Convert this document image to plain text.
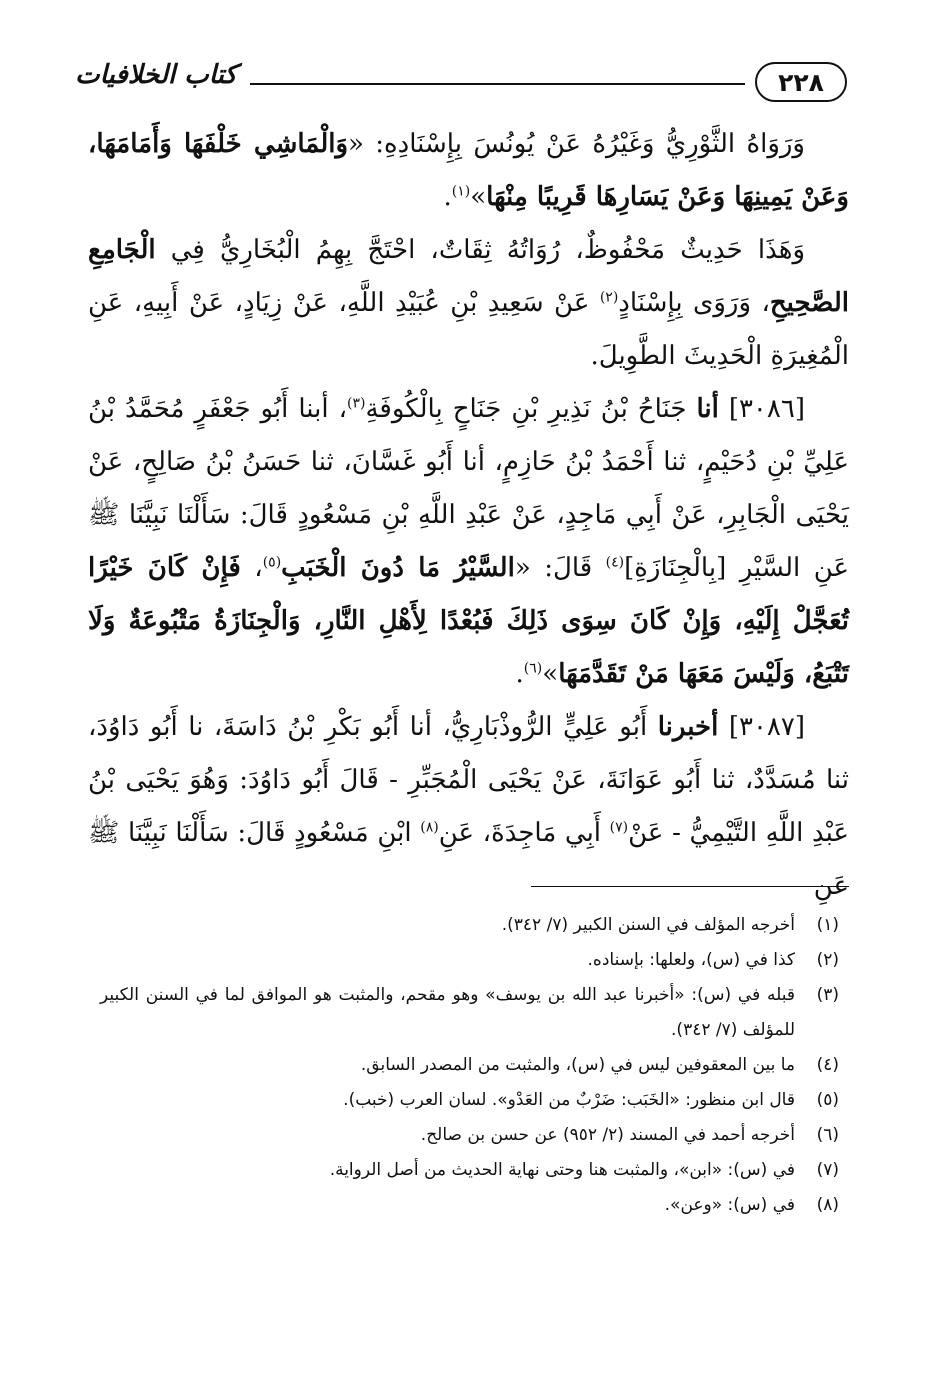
٢٢٨
كتاب الخلافيات

وَرَوَاهُ الثَّوْرِيُّ وَغَيْرُهُ عَنْ يُونُسَ بِإِسْنَادِهِ: «وَالْمَاشِي خَلْفَهَا وَأَمَامَهَا، وَعَنْ يَمِينِهَا وَعَنْ يَسَارِهَا قَرِيبًا مِنْهَا»$^{(١)}$.

وَهَذَا حَدِيثٌ مَحْفُوظٌ، رُوَاتُهُ ثِقَاتٌ، احْتَجَّ بِهِمُ الْبُخَارِيُّ فِي الْجَامِعِ الصَّحِيحِ، وَرَوَى بِإِسْنَادٍ$^{(٢)}$ عَنْ سَعِيدِ بْنِ عُبَيْدِ اللَّهِ، عَنْ زِيَادٍ، عَنْ أَبِيهِ، عَنِ الْمُغِيرَةِ الْحَدِيثَ الطَّوِيلَ.

[٣٠٨٦] أنا جَنَاحُ بْنُ نَذِيرِ بْنِ جَنَاحٍ بِالْكُوفَةِ$^{(٣)}$، أبنا أَبُو جَعْفَرٍ مُحَمَّدُ بْنُ عَلِيِّ بْنِ دُحَيْمٍ، ثنا أَحْمَدُ بْنُ حَازِمٍ، أنا أَبُو غَسَّانَ، ثنا حَسَنُ بْنُ صَالِحٍ، عَنْ يَحْيَى الْجَابِرِ، عَنْ أَبِي مَاجِدٍ، عَنْ عَبْدِ اللَّهِ بْنِ مَسْعُودٍ قَالَ: سَأَلْنَا نَبِيَّنَا ﷺ عَنِ السَّيْرِ [بِالْجِنَازَةِ]$^{(٤)}$ قَالَ: «السَّيْرُ مَا دُونَ الْخَبَبِ$^{(٥)}$، فَإِنْ كَانَ خَيْرًا تُعَجَّلْ إِلَيْهِ، وَإِنْ كَانَ سِوَى ذَلِكَ فَبُعْدًا لِأَهْلِ النَّارِ، وَالْجِنَازَةُ مَتْبُوعَةٌ وَلَا تَتْبَعُ، وَلَيْسَ مَعَهَا مَنْ تَقَدَّمَهَا»$^{(٦)}$.

[٣٠٨٧] أخبرنا أَبُو عَلِيٍّ الرُّوذْبَارِيُّ، أنا أَبُو بَكْرِ بْنُ دَاسَةَ، نا أَبُو دَاوُدَ، ثنا مُسَدَّدٌ، ثنا أَبُو عَوَانَةَ، عَنْ يَحْيَى الْمُجَبِّرِ - قَالَ أَبُو دَاوُدَ: وَهُوَ يَحْيَى بْنُ عَبْدِ اللَّهِ التَّيْمِيُّ - عَنْ$^{(٧)}$ أَبِي مَاجِدَةَ، عَنِ$^{(٨)}$ ابْنِ مَسْعُودٍ قَالَ: سَأَلْنَا نَبِيَّنَا ﷺ عَنِ

(١)
أخرجه المؤلف في السنن الكبير (٧/ ٣٤٢).
(٢)
كذا في (س)، ولعلها: بإسناده.
(٣)
قبله في (س): «أخبرنا عبد الله بن يوسف» وهو مقحم، والمثبت هو الموافق لما في السنن الكبير للمؤلف (٧/ ٣٤٢).
(٤)
ما بين المعقوفين ليس في (س)، والمثبت من المصدر السابق.
(٥)
قال ابن منظور: «الخَبَب: ضَرْبٌ من العَدْو». لسان العرب (خبب).
(٦)
أخرجه أحمد في المسند (٢/ ٩٥٢) عن حسن بن صالح.
(٧)
في (س): «ابن»، والمثبت هنا وحتى نهاية الحديث من أصل الرواية.
(٨)
في (س): «وعن».
